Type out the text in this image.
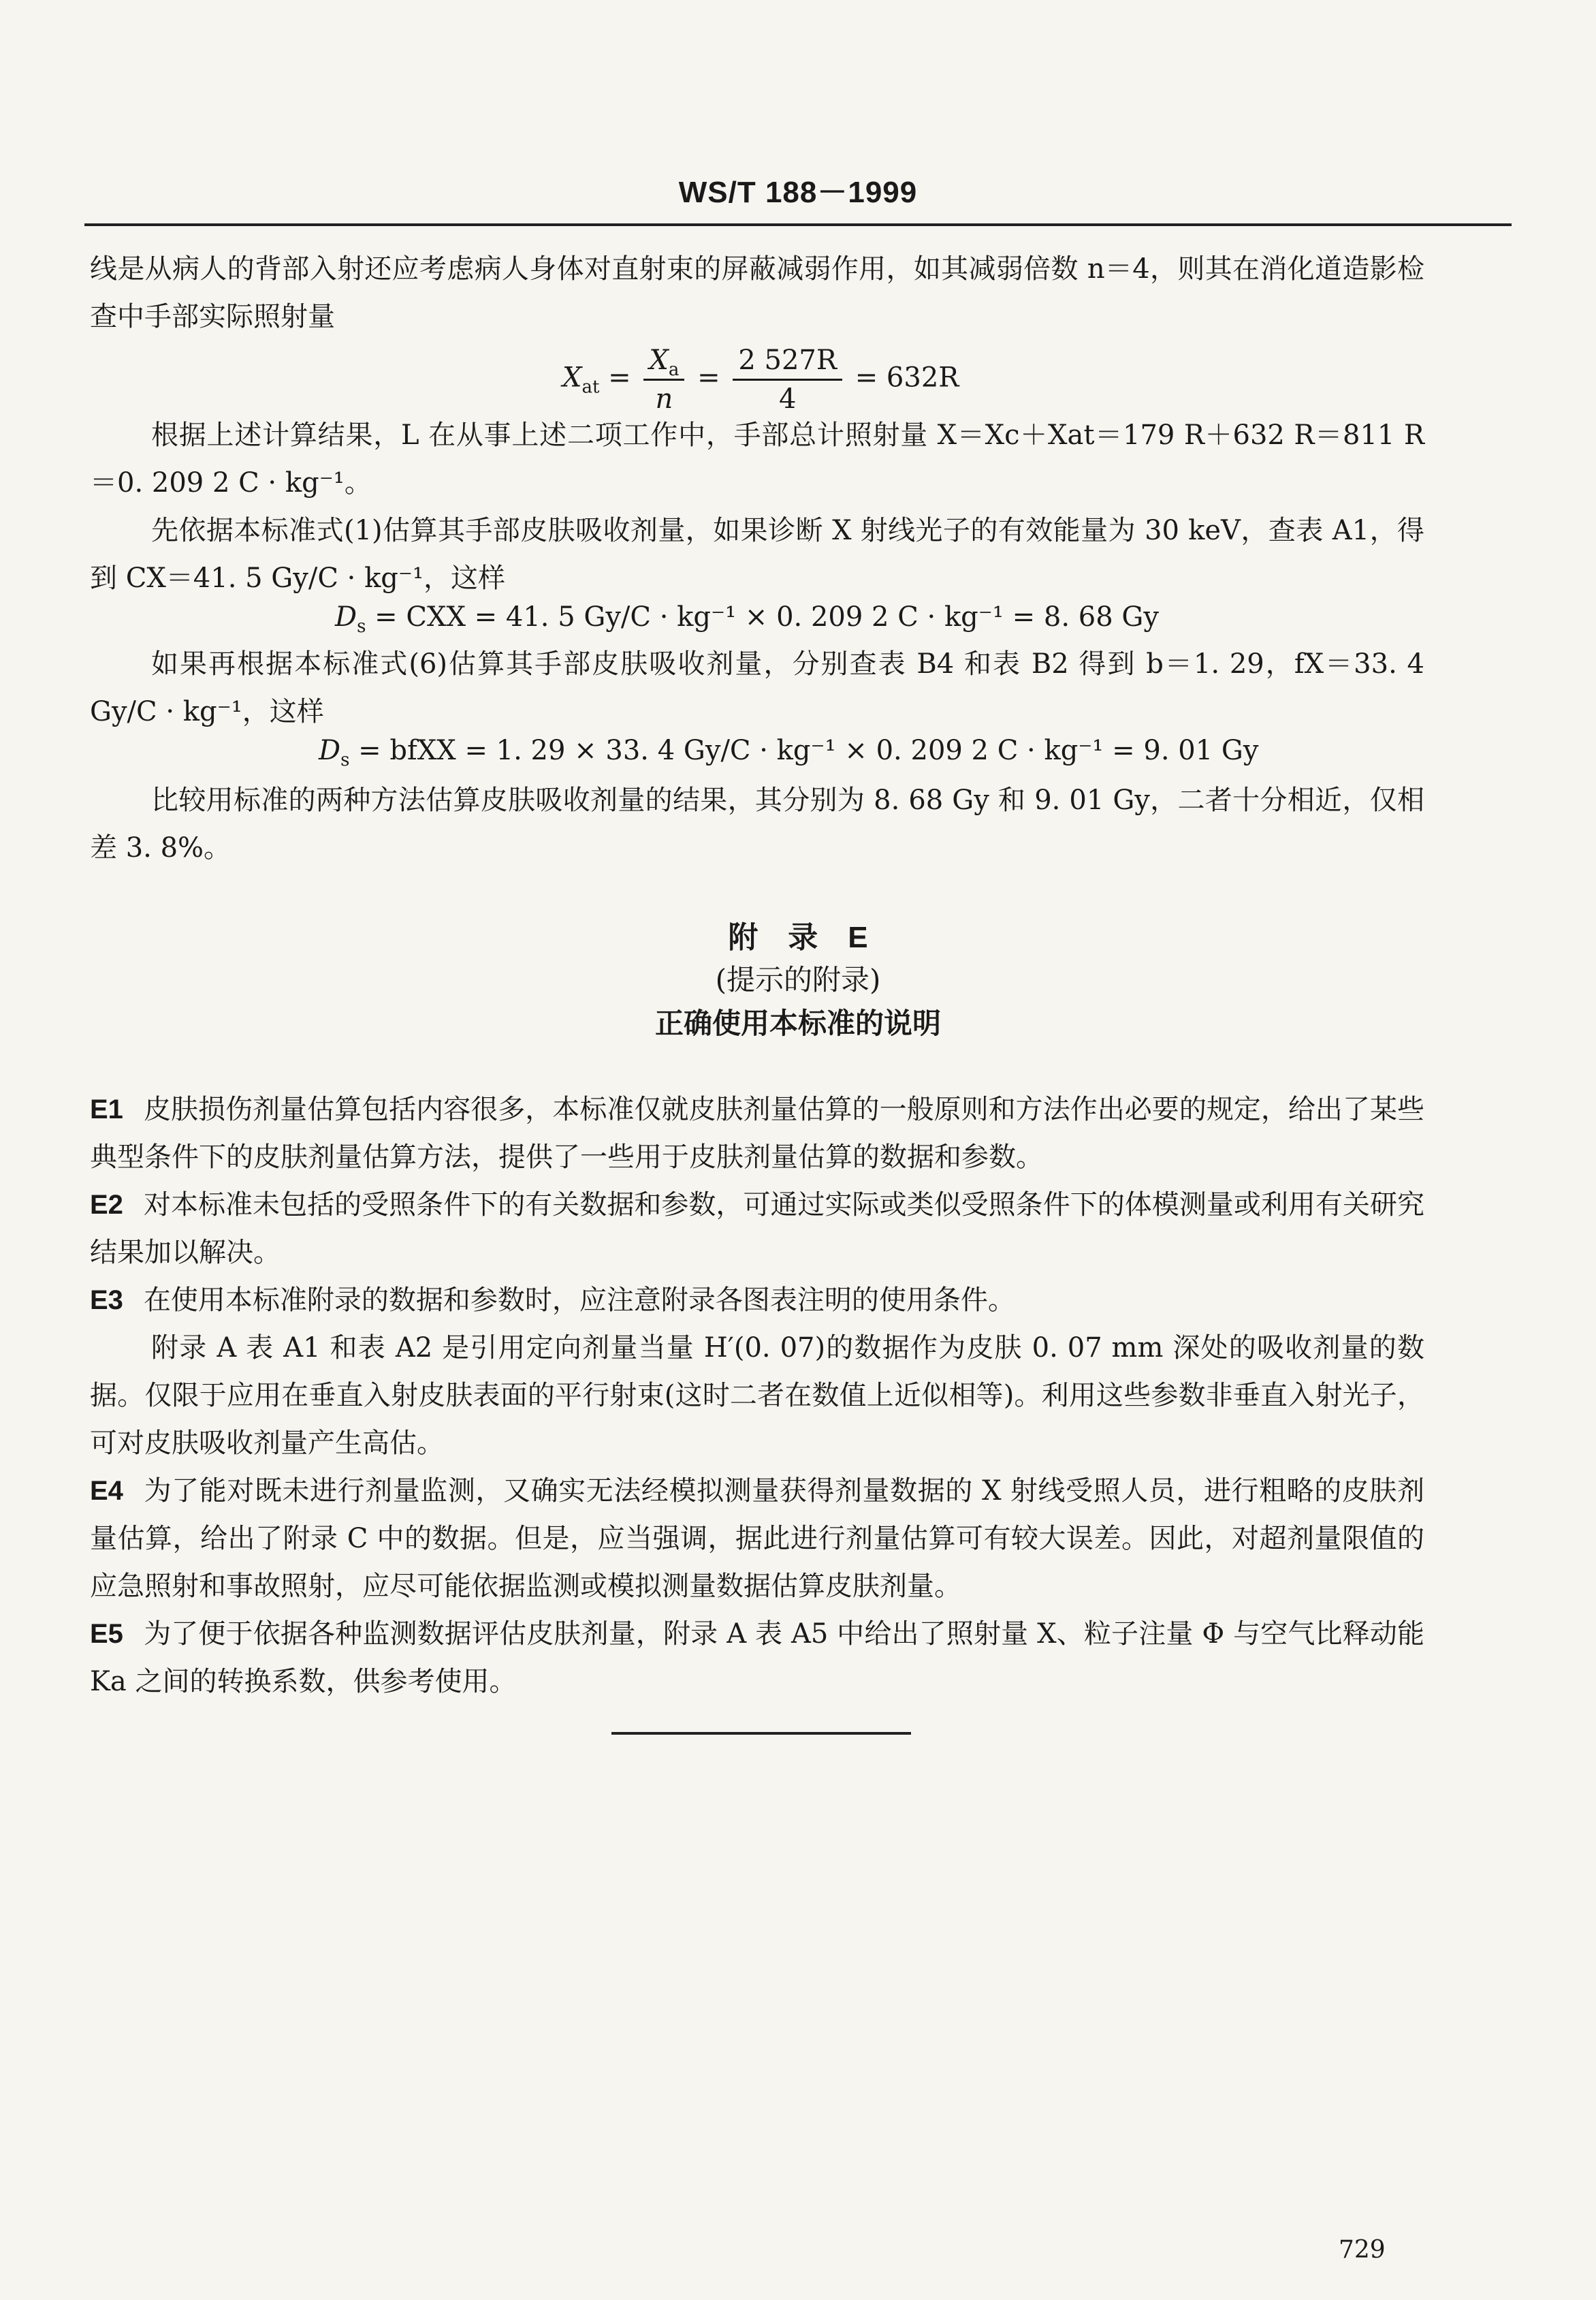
WS/T 188－1999

线是从病人的背部入射还应考虑病人身体对直射束的屏蔽减弱作用，如其减弱倍数 n＝4，则其在消化道造影检查中手部实际照射量

$X_{at} = \frac{X_a}{n} = \frac{2 527R}{4} = 632R$

根据上述计算结果，L 在从事上述二项工作中，手部总计照射量 X＝Xc＋Xat＝179 R＋632 R＝811 R＝0. 209 2 C · kg⁻¹。

先依据本标准式(1)估算其手部皮肤吸收剂量，如果诊断 X 射线光子的有效能量为 30 keV，查表 A1，得到 CX＝41. 5 Gy/C · kg⁻¹，这样

$D_s$ = CXX = 41. 5 Gy/C · kg⁻¹ × 0. 209 2 C · kg⁻¹ = 8. 68 Gy

如果再根据本标准式(6)估算其手部皮肤吸收剂量，分别查表 B4 和表 B2 得到 b＝1. 29，fX＝33. 4 Gy/C · kg⁻¹，这样

$D_s$ = bfXX = 1. 29 × 33. 4 Gy/C · kg⁻¹ × 0. 209 2 C · kg⁻¹ = 9. 01 Gy

比较用标准的两种方法估算皮肤吸收剂量的结果，其分别为 8. 68 Gy 和 9. 01 Gy，二者十分相近，仅相差 3. 8%。

附　录　E
(提示的附录)
正确使用本标准的说明

E1 皮肤损伤剂量估算包括内容很多，本标准仅就皮肤剂量估算的一般原则和方法作出必要的规定，给出了某些典型条件下的皮肤剂量估算方法，提供了一些用于皮肤剂量估算的数据和参数。

E2 对本标准未包括的受照条件下的有关数据和参数，可通过实际或类似受照条件下的体模测量或利用有关研究结果加以解决。

E3 在使用本标准附录的数据和参数时，应注意附录各图表注明的使用条件。

附录 A 表 A1 和表 A2 是引用定向剂量当量 H′(0. 07)的数据作为皮肤 0. 07 mm 深处的吸收剂量的数据。仅限于应用在垂直入射皮肤表面的平行射束(这时二者在数值上近似相等)。利用这些参数非垂直入射光子，可对皮肤吸收剂量产生高估。

E4 为了能对既未进行剂量监测，又确实无法经模拟测量获得剂量数据的 X 射线受照人员，进行粗略的皮肤剂量估算，给出了附录 C 中的数据。但是，应当强调，据此进行剂量估算可有较大误差。因此，对超剂量限值的应急照射和事故照射，应尽可能依据监测或模拟测量数据估算皮肤剂量。

E5 为了便于依据各种监测数据评估皮肤剂量，附录 A 表 A5 中给出了照射量 X、粒子注量 Φ 与空气比释动能 Ka 之间的转换系数，供参考使用。

729
